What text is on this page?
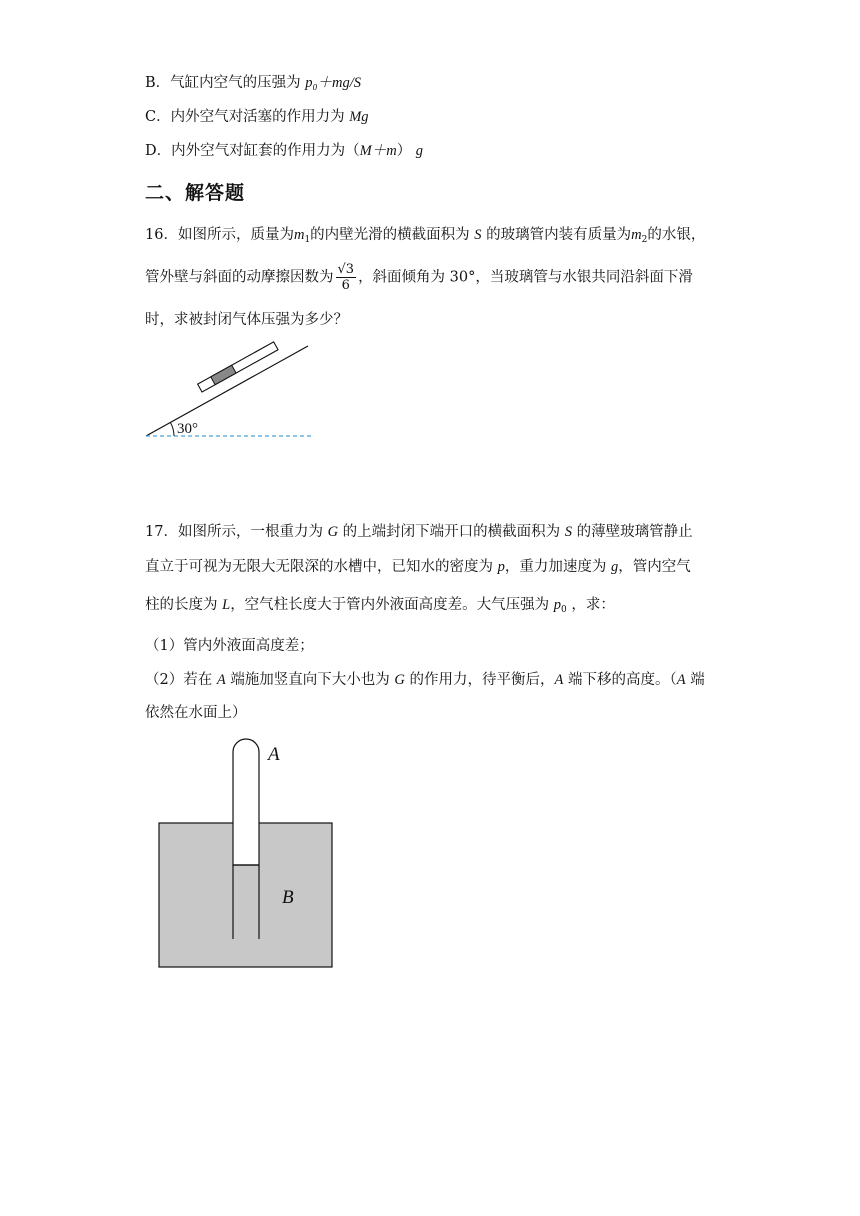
B．气缸内空气的压强为 p₀＋mg/S
C．内外空气对活塞的作用力为 Mg
D．内外空气对缸套的作用力为（M＋m） g
二、解答题
16．如图所示，质量为$m_1$的内壁光滑的横截面积为 S 的玻璃管内装有质量为$m_2$的水银，
管外壁与斜面的动摩擦因数为 $\frac{√3}{6}$ ，斜面倾角为 30°，当玻璃管与水银共同沿斜面下滑
时，求被封闭气体压强为多少？
30°
17．如图所示，一根重力为 G 的上端封闭下端开口的横截面积为 S 的薄壁玻璃管静止
直立于可视为无限大无限深的水槽中，已知水的密度为 p，重力加速度为 g，管内空气
柱的长度为 L，空气柱长度大于管内外液面高度差。大气压强为 $p_0$ ，求：
（1）管内外液面高度差；
（2）若在 A 端施加竖直向下大小也为 G 的作用力，待平衡后，A 端下移的高度。（A 端
依然在水面上）
A
B
